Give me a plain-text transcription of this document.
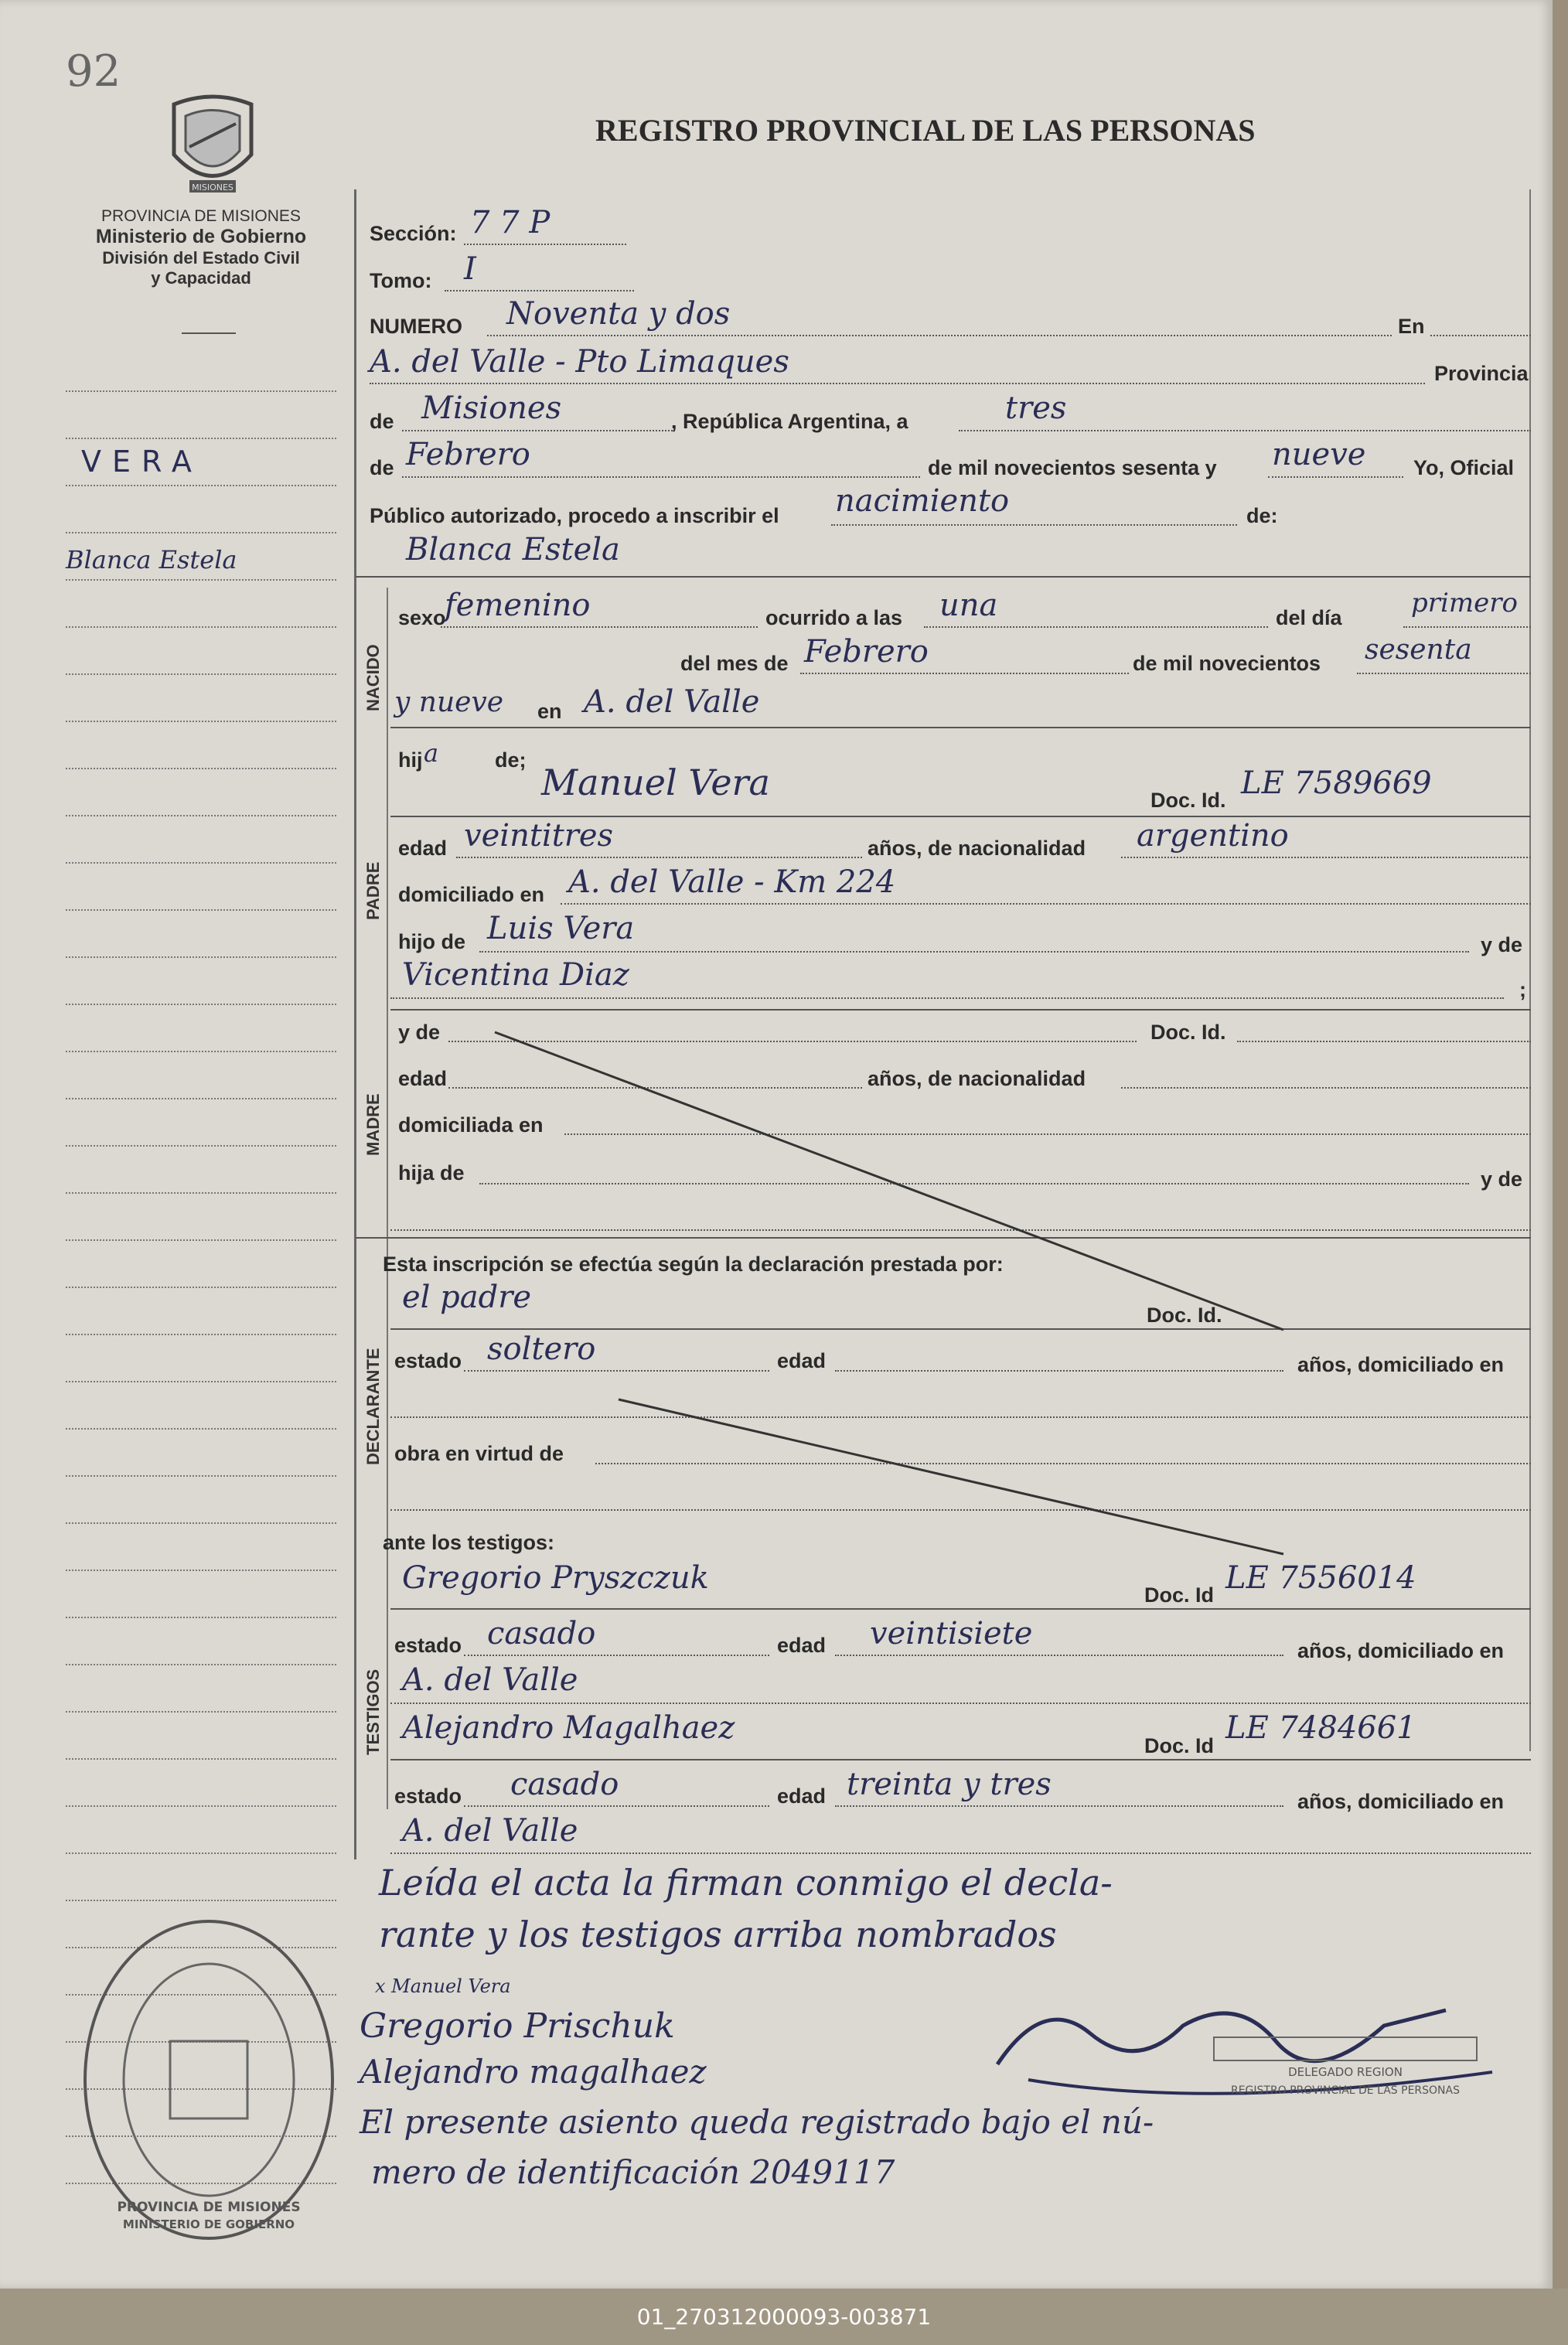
92
MISIONES
REGISTRO PROVINCIAL DE LAS PERSONAS
PROVINCIA DE MISIONES
Ministerio de Gobierno
División del Estado Civil
y Capacidad
VERA
Blanca Estela
Sección: 7 7 P
Tomo: I
NUMERO Noventa y dos	En
A. del Valle - Pto Limaques	Provincia
de Misiones	, República Argentina, a	tres
de Febrero	de mil novecientos sesenta y nueve Yo, Oficial
Público autorizado, procedo a inscribir el nacimiento	de:
NACIDO
Blanca Estela
sexo
femenino	ocurrido a las una	del día	primero
del mes de Febrero	de mil novecientos sesenta
y nueve en A. del Valle
hij a	de;
PADRE
Manuel Vera	Doc. Id. LE 7589669
edad veintitres	años, de nacionalidad argentino
domiciliado en A. del Valle - Km 224
hijo de Luis Vera	y de
Vicentina Diaz	;
MADRE
y de	Doc. Id.
edad	años, de nacionalidad
domiciliada en
hija de	y de
Esta inscripción se efectúa según la declaración prestada por:
DECLARANTE
el padre	Doc. Id.
estado soltero	edad	años, domiciliado en
obra en virtud de
ante los testigos:
TESTIGOS
Gregorio Pryszczuk	Doc. Id LE 7556014
estado casado	edad veintisiete	años, domiciliado en
A. del Valle
Alejandro Magalhaez	Doc. Id LE 7484661
estado casado	edad treinta y tres	años, domiciliado en
A. del Valle
Leída el acta la firman conmigo el decla-
rante y los testigos arriba nombrados
x Manuel Vera
Gregorio Prischuk
Alejandro magalhaez
El presente asiento queda registrado bajo el nú-
mero de identificación 2049117
DELEGADO REGION
REGISTRO PROVINCIAL DE LAS PERSONAS
PROVINCIA DE MISIONES
MINISTERIO DE GOBIERNO
01_270312000093-003871
